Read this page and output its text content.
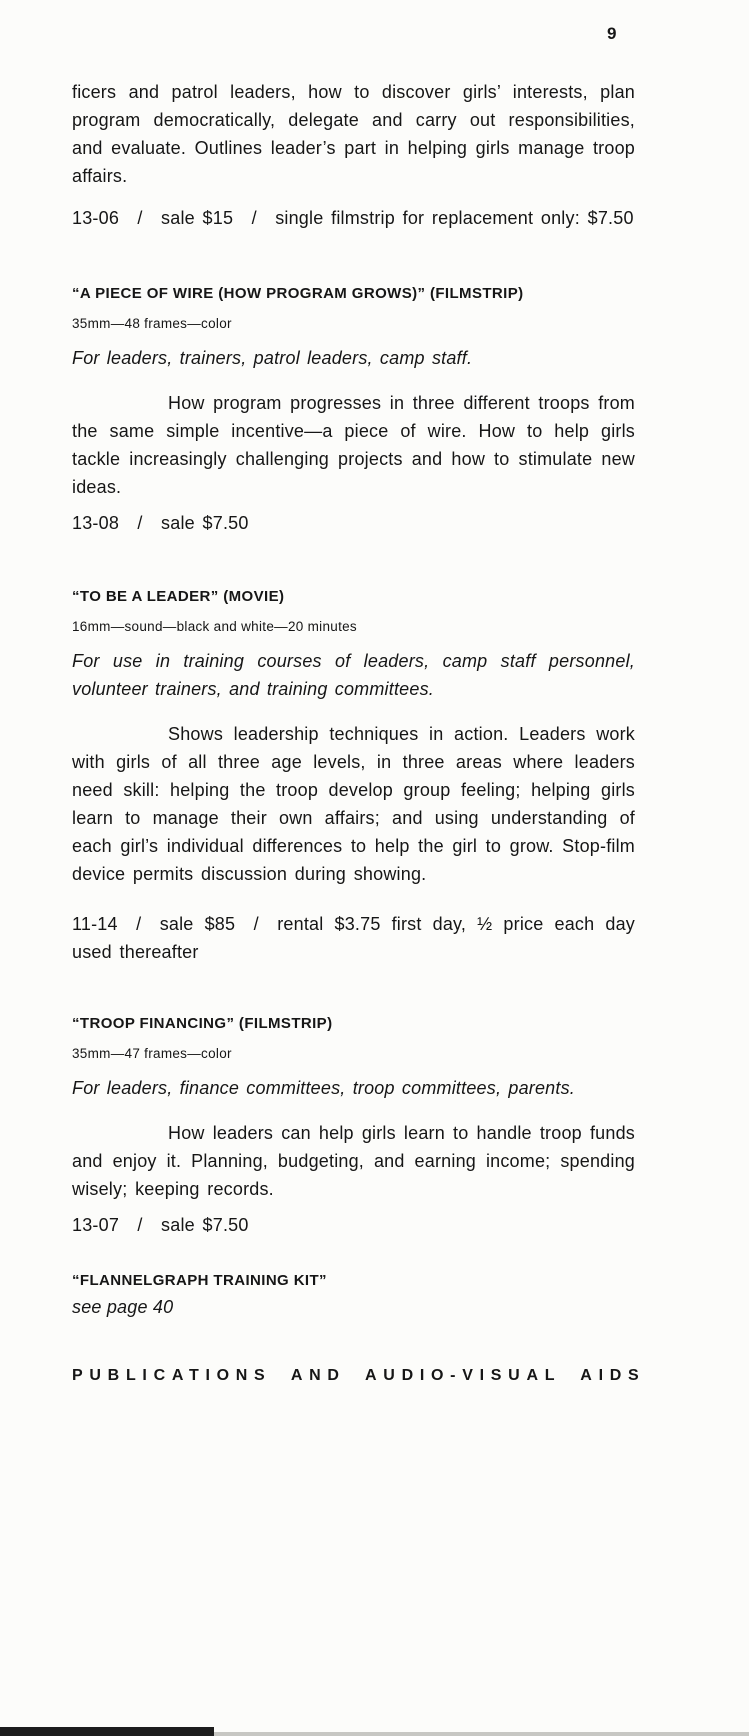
9

ficers and patrol leaders, how to discover girls’ interests, plan program democratically, delegate and carry out responsibilities, and evaluate. Outlines leader’s part in helping girls manage troop affairs.

13-06  /  sale $15  /  single filmstrip for replacement only: $7.50

“A PIECE OF WIRE (HOW PROGRAM GROWS)” (FILMSTRIP)

35mm—48 frames—color

For leaders, trainers, patrol leaders, camp staff.

How program progresses in three different troops from the same simple incentive—a piece of wire. How to help girls tackle increasingly challenging projects and how to stimulate new ideas.

13-08  /  sale $7.50

“TO BE A LEADER” (MOVIE)

16mm—sound—black and white—20 minutes

For use in training courses of leaders, camp staff personnel, volunteer trainers, and training committees.

Shows leadership techniques in action. Leaders work with girls of all three age levels, in three areas where leaders need skill: helping the troop develop group feeling; helping girls learn to manage their own affairs; and using understanding of each girl’s individual differences to help the girl to grow. Stop-film device permits discussion during showing.

11-14  /  sale $85  /  rental $3.75 first day, ½ price each day used thereafter

“TROOP FINANCING” (FILMSTRIP)

35mm—47 frames—color

For leaders, finance committees, troop committees, parents.

How leaders can help girls learn to handle troop funds and enjoy it. Planning, budgeting, and earning income; spending wisely; keeping records.

13-07  /  sale $7.50

“FLANNELGRAPH TRAINING KIT”

see page 40

PUBLICATIONS AND AUDIO-VISUAL AIDS
